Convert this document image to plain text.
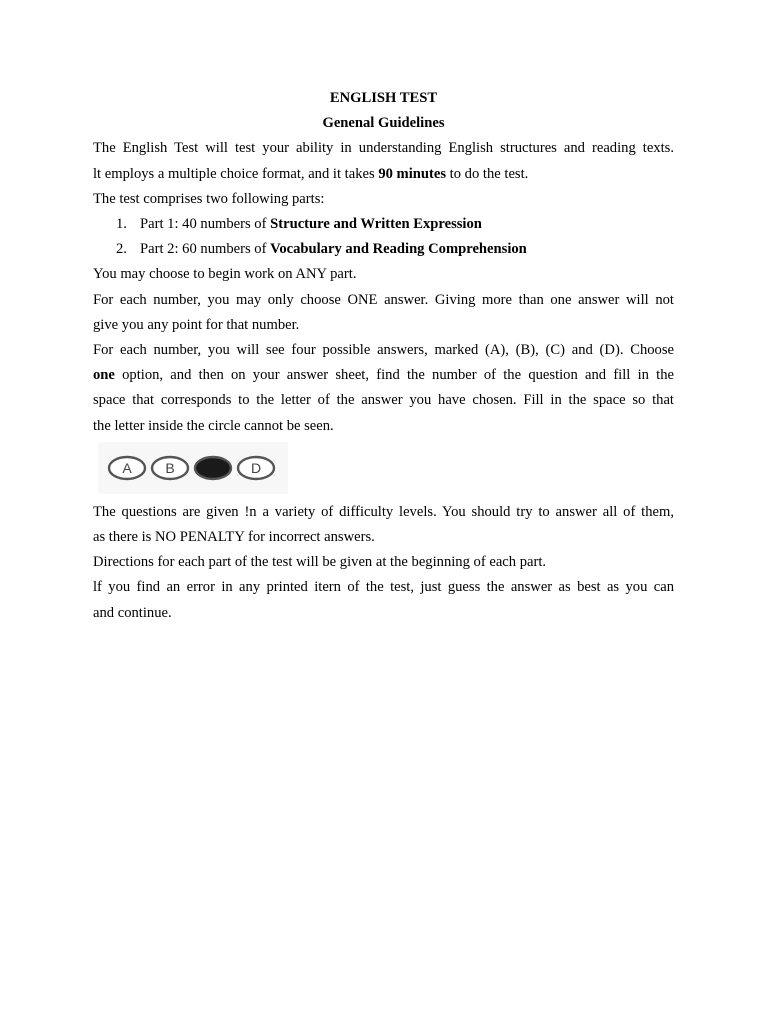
ENGLISH TEST
Genenal Guidelines
The English Test will test your ability in understanding English structures and reading texts.
lt employs a multiple choice format, and it takes 90 minutes to do the test.
The test comprises two following parts:
1. Part 1: 40 numbers of Structure and Written Expression
2. Part 2: 60 numbers of Vocabulary and Reading Comprehension
You may choose to begin work on ANY part.
For each number, you may only choose ONE answer. Giving more than one answer will not
give you any point for that number.
For each number, you will see four possible answers, marked (A), (B), (C) and (D). Choose
one option, and then on your answer sheet, find the number of the question and fill in the
space that corresponds to the letter of the answer you have chosen. Fill in the space so that
the letter inside the circle cannot be seen.
A B C D
The questions are given !n a variety of difficulty levels. You should try to answer all of them,
as there is NO PENALTY for incorrect answers.
Directions for each part of the test will be given at the beginning of each part.
lf you find an error in any printed itern of the test, just guess the answer as best as you can
and continue.
